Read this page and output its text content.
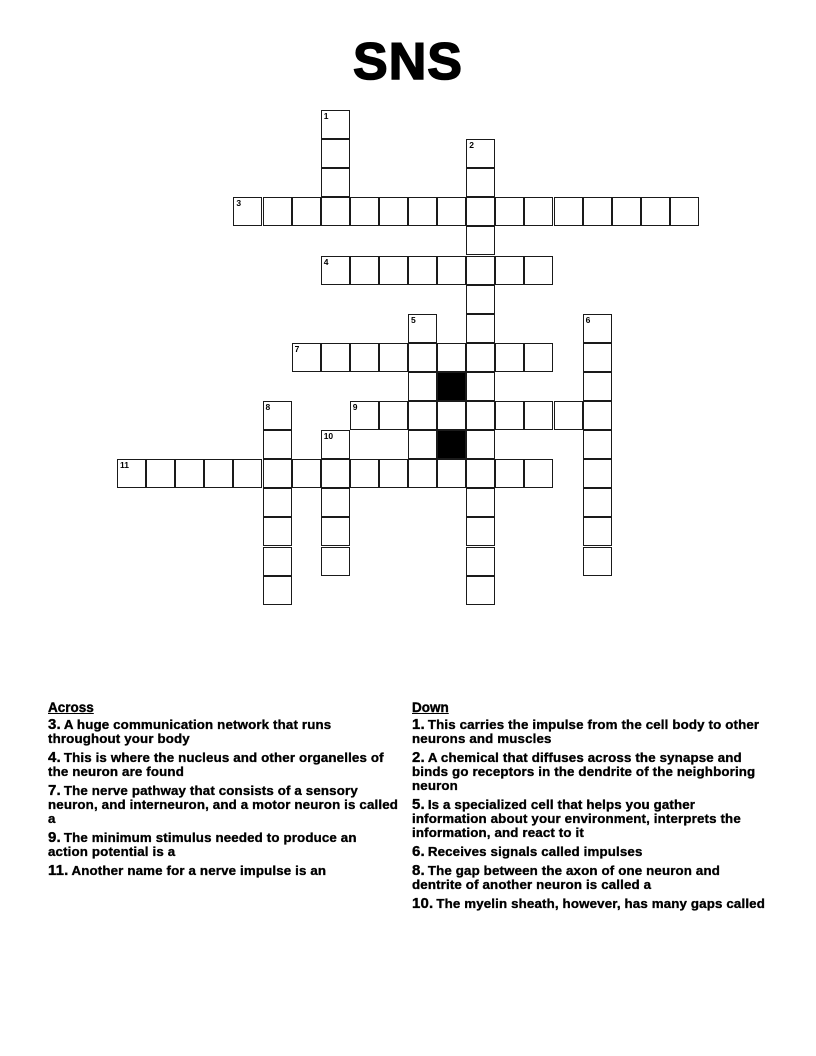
SNS
1
2
3
4
5	6
7
8	9
10
11
Across
3. A huge communication network that runs throughout your body
4. This is where the nucleus and other organelles of the neuron are found
7. The nerve pathway that consists of a sensory neuron, and interneuron, and a motor neuron is called a
9. The minimum stimulus needed to produce an action potential is a
11. Another name for a nerve impulse is an
Down
1. This carries the impulse from the cell body to other neurons and muscles
2. A chemical that diffuses across the synapse and binds go receptors in the dendrite of the neighboring neuron
5. Is a specialized cell that helps you gather information about your environment, interprets the information, and react to it
6. Receives signals called impulses
8. The gap between the axon of one neuron and dentrite of another neuron is called a
10. The myelin sheath, however, has many gaps called
